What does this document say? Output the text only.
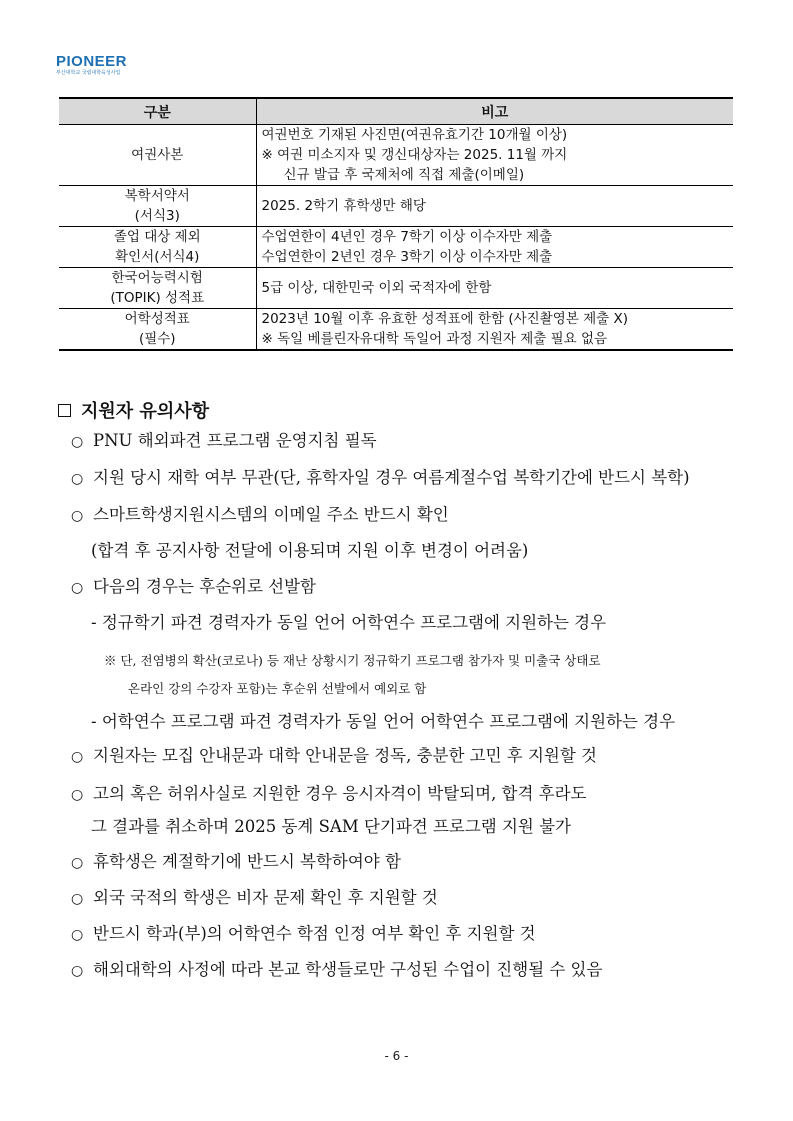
PIONEER
부산대학교 국립대학육성사업
구분	비고

여권사본	여권번호 기재된 사진면(여권유효기간 10개월 이상)
※ 여권 미소지자 및 갱신대상자는 2025. 11월 까지
신규 발급 후 국제처에 직접 제출(이메일)

복학서약서
(서식3)	2025. 2학기 휴학생만 해당

졸업 대상 제외
확인서(서식4)	수업연한이 4년인 경우 7학기 이상 이수자만 제출
수업연한이 2년인 경우 3학기 이상 이수자만 제출

한국어능력시험
(TOPIK) 성적표	5급 이상, 대한민국 이외 국적자에 한함

어학성적표
(필수)	2023년 10월 이후 유효한 성적표에 한함 (사진촬영본 제출 X)
※ 독일 베를린자유대학 독일어 과정 지원자 제출 필요 없음
지원자 유의사항
○ PNU 해외파견 프로그램 운영지침 필독
○ 지원 당시 재학 여부 무관(단, 휴학자일 경우 여름계절수업 복학기간에 반드시 복학)
○ 스마트학생지원시스템의 이메일 주소 반드시 확인
(합격 후 공지사항 전달에 이용되며 지원 이후 변경이 어려움)
○ 다음의 경우는 후순위로 선발함
- 정규학기 파견 경력자가 동일 언어 어학연수 프로그램에 지원하는 경우
※ 단, 전염병의 확산(코로나) 등 재난 상황시기 정규학기 프로그램 참가자 및 미출국 상태로
온라인 강의 수강자 포함)는 후순위 선발에서 예외로 함
- 어학연수 프로그램 파견 경력자가 동일 언어 어학연수 프로그램에 지원하는 경우
○ 지원자는 모집 안내문과 대학 안내문을 정독, 충분한 고민 후 지원할 것
○ 고의 혹은 허위사실로 지원한 경우 응시자격이 박탈되며, 합격 후라도
그 결과를 취소하며 2025 동계 SAM 단기파견 프로그램 지원 불가
○ 휴학생은 계절학기에 반드시 복학하여야 함
○ 외국 국적의 학생은 비자 문제 확인 후 지원할 것
○ 반드시 학과(부)의 어학연수 학점 인정 여부 확인 후 지원할 것
○ 해외대학의 사정에 따라 본교 학생들로만 구성된 수업이 진행될 수 있음
- 6 -
